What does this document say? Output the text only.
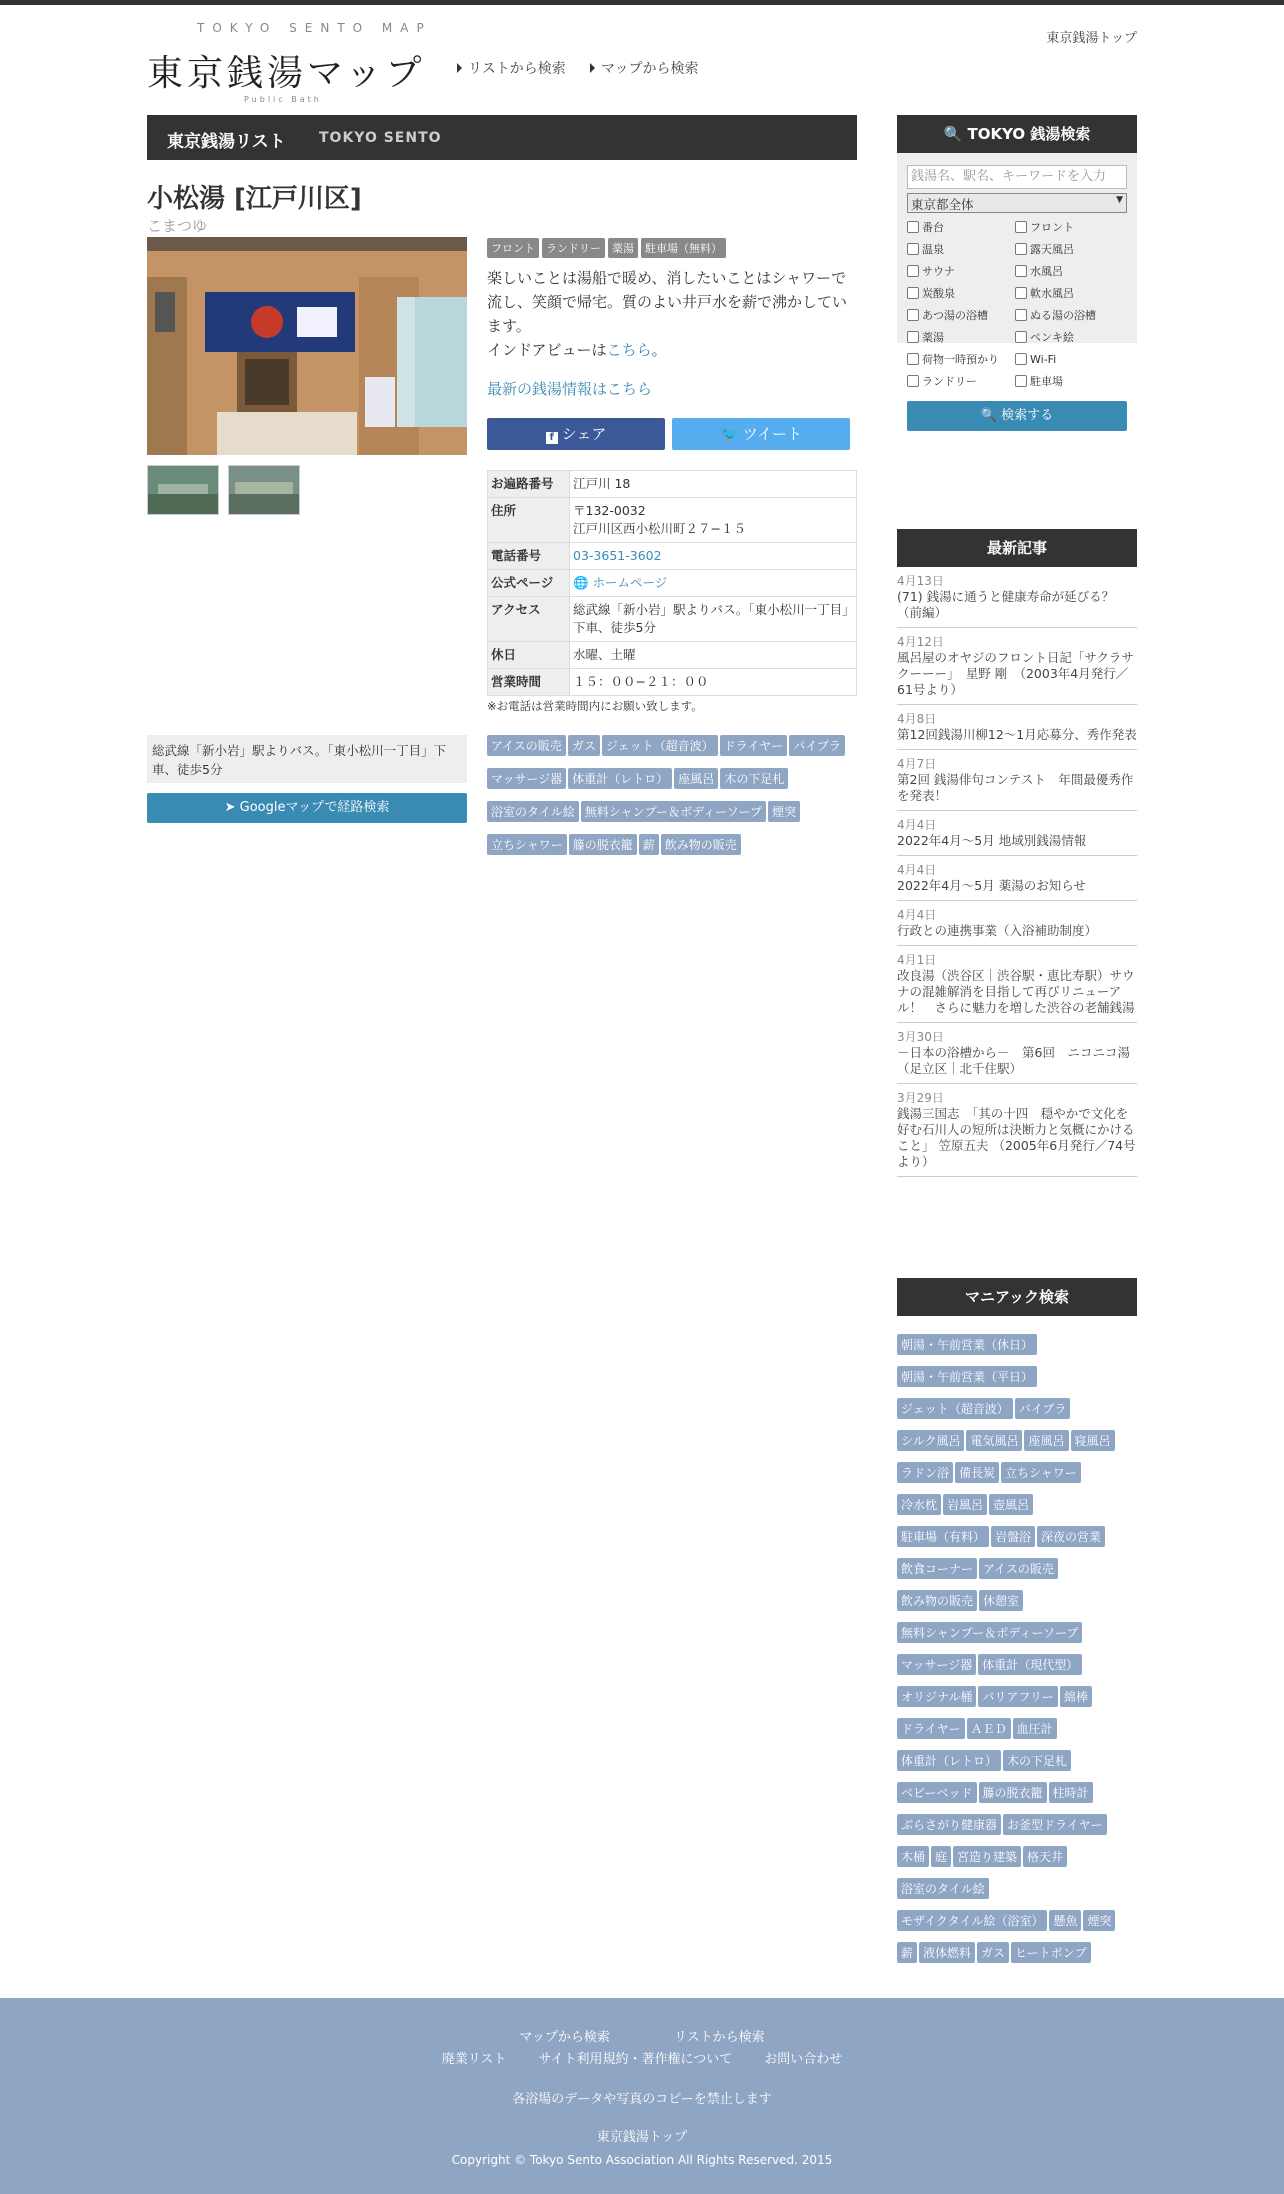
TOKYO SENTO MAP
東京銭湯マップ
Public Bath
リストから検索	マップから検索
東京銭湯トップ
東京銭湯リスト TOKYO SENTO
小松湯 [江戸川区]
こまつゆ
フロント ランドリー 薬湯 駐車場（無料）

楽しいことは湯船で暖め、消したいことはシャワーで流し、笑顔で帰宅。質のよい井戸水を薪で沸かしています。
インドアビューはこちら。

最新の銭湯情報はこちら
f シェア	🐦 ツイート
お遍路番号	江戸川 18
住所	〒132-0032
江戸川区西小松川町２７−１５
電話番号	03-3651-3602
公式ページ	🌐 ホームページ
アクセス	総武線「新小岩」駅よりバス。「東小松川一丁目」下車、徒歩5分
休日	水曜、土曜
営業時間	１５：００−２１：００
※お電話は営業時間内にお願い致します。
総武線「新小岩」駅よりバス。「東小松川一丁目」下車、徒歩5分
➤ Googleマップで経路検索
アイスの販売 ガス ジェット（超音波） ドライヤー バイブラ
マッサージ器 体重計（レトロ） 座風呂 木の下足札
浴室のタイル絵 無料シャンプー＆ボディーソープ 煙突
立ちシャワー 籐の脱衣籠 薪 飲み物の販売
🔍 TOKYO 銭湯検索
銭湯名、駅名、キーワードを入力
東京都全体	▼
番台	フロント
温泉	露天風呂
サウナ	水風呂
炭酸泉	軟水風呂
あつ湯の浴槽	ぬる湯の浴槽
薬湯	ペンキ絵
荷物一時預かり	Wi-Fi
ランドリー	駐車場
🔍 検索する
最新記事
4月13日
(71) 銭湯に通うと健康寿命が延びる？（前編）
4月12日
風呂屋のオヤジのフロント日記「サクラサクーーー」　星野 剛　（2003年4月発行／61号より）
4月8日
第12回銭湯川柳12～1月応募分、秀作発表
4月7日
第2回 銭湯俳句コンテスト　年間最優秀作を発表！
4月4日
2022年4月～5月 地域別銭湯情報
4月4日
2022年4月～5月 薬湯のお知らせ
4月4日
行政との連携事業（入浴補助制度）
4月1日
改良湯（渋谷区｜渋谷駅・恵比寿駅）サウナの混雑解消を目指して再びリニューアル！　さらに魅力を増した渋谷の老舗銭湯
3月30日
－日本の浴槽から－　第6回　ニコニコ湯（足立区｜北千住駅）
3月29日
銭湯三国志　「其の十四　穏やかで文化を好む石川人の短所は決断力と気概にかけること」 笠原五夫 （2005年6月発行／74号より）
マニアック検索
朝湯・午前営業（休日）
朝湯・午前営業（平日）
ジェット（超音波） バイブラ
シルク風呂 電気風呂 座風呂 寝風呂
ラドン浴 備長炭 立ちシャワー
冷水枕 岩風呂 壺風呂
駐車場（有料） 岩盤浴 深夜の営業
飲食コーナー アイスの販売
飲み物の販売 休憩室
無料シャンプー＆ボディーソープ
マッサージ器 体重計（現代型）
オリジナル桶 バリアフリー 綿棒
ドライヤー ＡＥＤ 血圧計
体重計（レトロ） 木の下足札
ベビーベッド 籐の脱衣籠 柱時計
ぶらさがり健康器 お釜型ドライヤー
木桶 庭 宮造り建築 格天井
浴室のタイル絵
モザイクタイル絵（浴室） 懸魚 煙突
薪 液体燃料 ガス ヒートポンプ

マップから検索	リストから検索
廃業リスト サイト利用規約・著作権について お問い合わせ
各浴場のデータや写真のコピーを禁止します
東京銭湯トップ
Copyright © Tokyo Sento Association All Rights Reserved. 2015
